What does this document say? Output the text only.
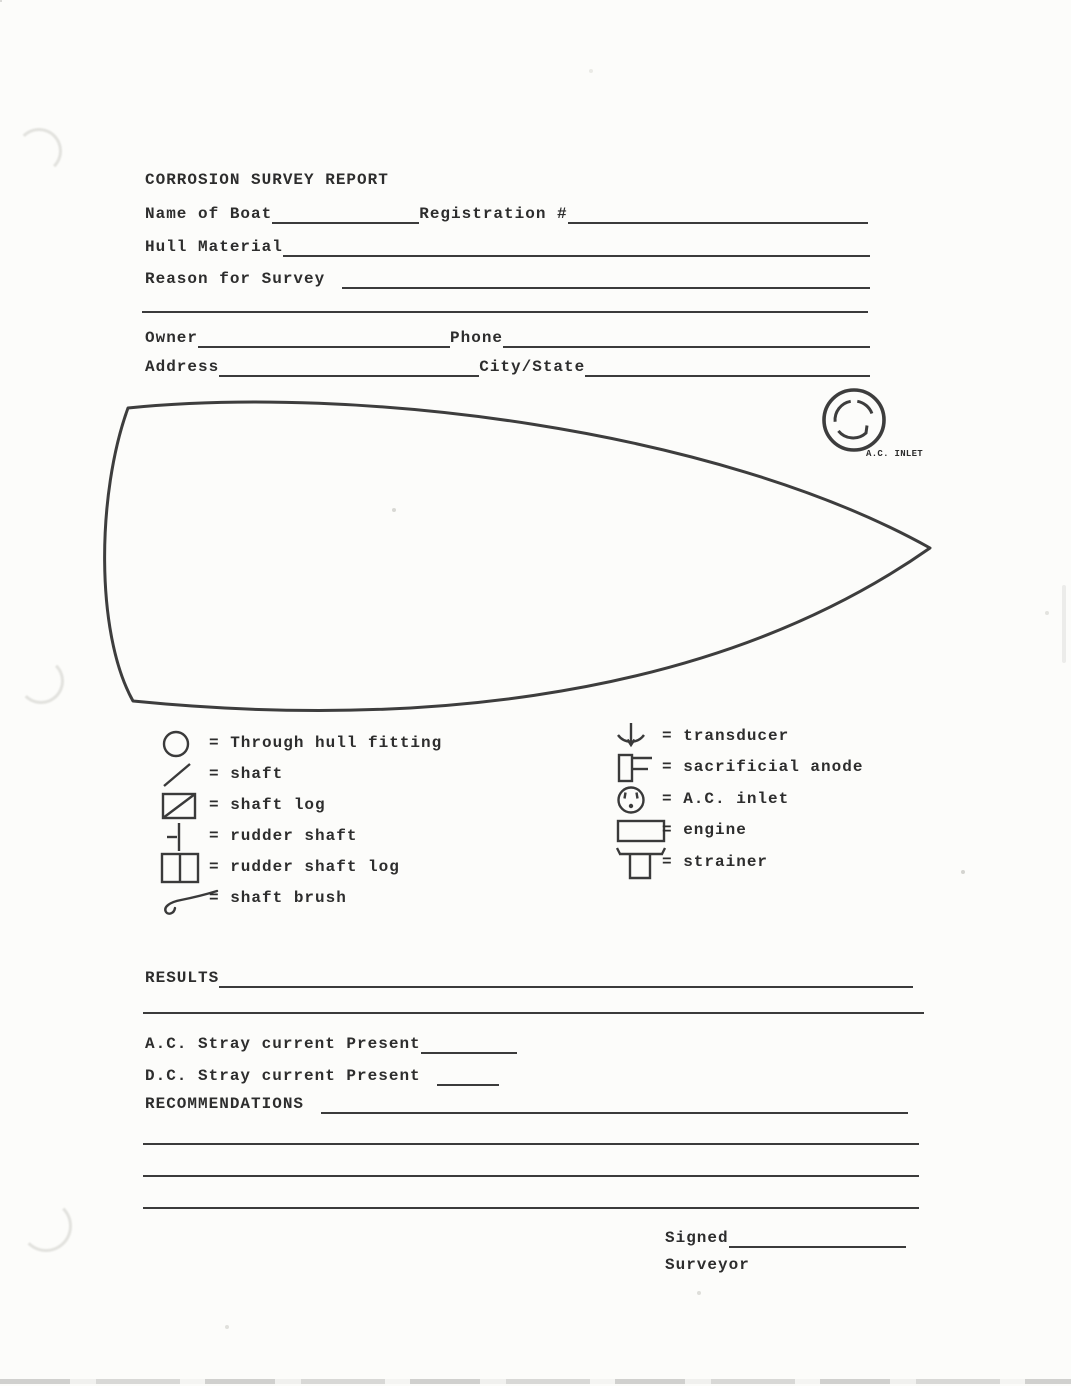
CORROSION SURVEY REPORT
Name of Boat	Registration #
Hull Material
Reason for Survey
Owner	Phone
Address	City/State
A.C. INLET
= Through hull fitting
= shaft
= shaft log
= rudder shaft
= rudder shaft log
= shaft brush
= transducer
= sacrificial anode
= A.C. inlet
= engine
= strainer
RESULTS
A.C. Stray current Present
D.C. Stray current Present
RECOMMENDATIONS
Signed
Surveyor
